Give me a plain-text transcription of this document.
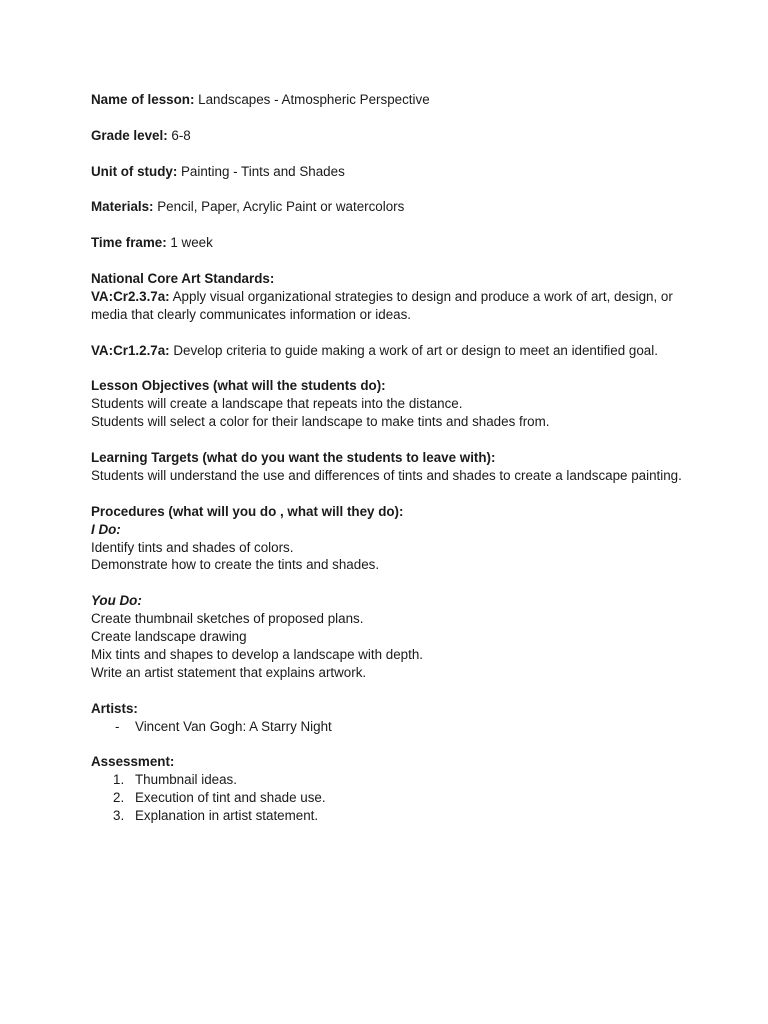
Name of lesson: Landscapes - Atmospheric Perspective
Grade level: 6-8
Unit of study: Painting - Tints and Shades
Materials: Pencil, Paper, Acrylic Paint or watercolors
Time frame: 1 week
National Core Art Standards:
VA:Cr2.3.7a: Apply visual organizational strategies to design and produce a work of art, design, or media that clearly communicates information or ideas.
VA:Cr1.2.7a: Develop criteria to guide making a work of art or design to meet an identified goal.
Lesson Objectives (what will the students do):
Students will create a landscape that repeats into the distance.
Students will select a color for their landscape to make tints and shades from.
Learning Targets (what do you want the students to leave with):
Students will understand the use and differences of tints and shades to create a landscape painting.
Procedures (what will you do , what will they do):
I Do:
Identify tints and shades of colors.
Demonstrate how to create the tints and shades.
You Do:
Create thumbnail sketches of proposed plans.
Create landscape drawing
Mix tints and shapes to develop a landscape with depth.
Write an artist statement that explains artwork.
Artists:
- Vincent Van Gogh: A Starry Night
Assessment:
1. Thumbnail ideas.
2. Execution of tint and shade use.
3. Explanation in artist statement.
